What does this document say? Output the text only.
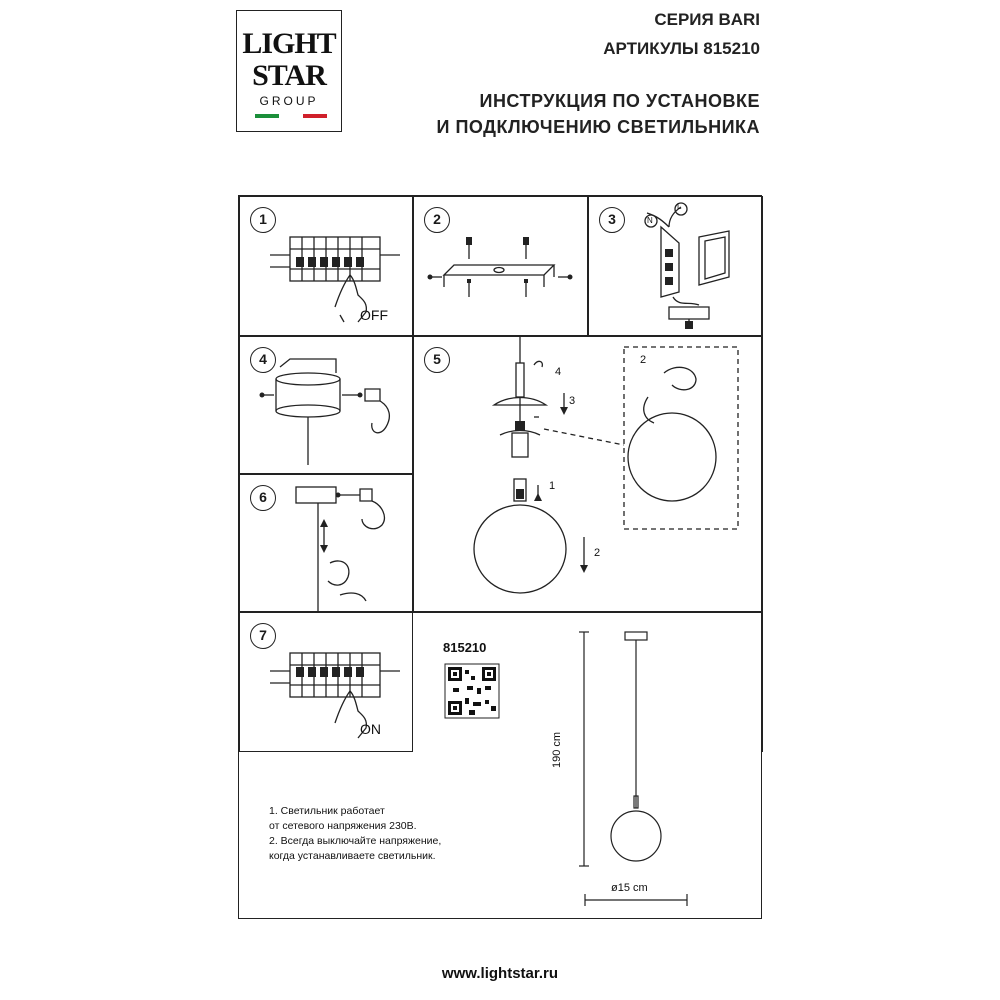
LIGHT
STAR
GROUP
СЕРИЯ BARI
АРТИКУЛЫ 815210
ИНСТРУКЦИЯ ПО УСТАНОВКЕ
И ПОДКЛЮЧЕНИЮ СВЕТИЛЬНИКА
1
OFF
2	3
L
N
4	5
4
3
1
2
2
6
7
ON
815210
190 cm
ø15 cm
1. Светильник работает
от сетевого напряжения 230В.
2. Всегда выключайте напряжение,
когда устанавливаете светильник.
www.lightstar.ru
